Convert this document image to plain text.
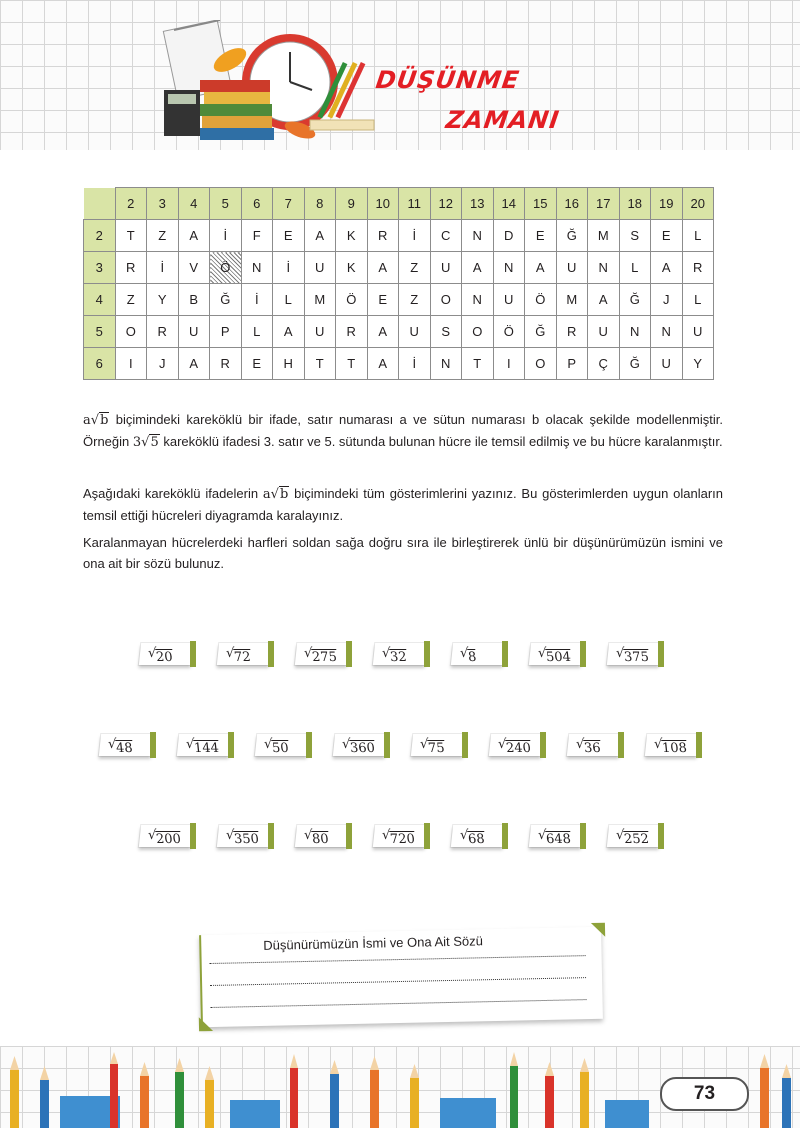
DÜŞÜNME
ZAMANI
	2	3	4	5	6	7	8	9	10	11	12	13	14	15	16	17	18	19	20
2	T	Z	A	İ	F	E	A	K	R	İ	C	N	D	E	Ğ	M	S	E	L
3	R	İ	V	Ö	N	İ	U	K	A	Z	U	A	N	A	U	N	L	A	R
4	Z	Y	B	Ğ	İ	L	M	Ö	E	Z	O	N	U	Ö	M	A	Ğ	J	L
5	O	R	U	P	L	A	U	R	A	U	S	O	Ö	Ğ	R	U	N	N	U
6	I	J	A	R	E	H	T	T	A	İ	N	T	I	O	P	Ç	Ğ	U	Y
a√b biçimindeki kareköklü bir ifade, satır numarası a ve sütun numarası b olacak şekilde modellenmiştir. Örneğin 3√5 kareköklü ifadesi 3. satır ve 5. sütunda bulunan hücre ile temsil edilmiş ve bu hücre karalanmıştır.
Aşağıdaki kareköklü ifadelerin a√b biçimindeki tüm gösterimlerini yazınız. Bu gösterimlerden uygun olanların temsil ettiği hücreleri diyagramda karalayınız.
Karalanmayan hücrelerdeki harfleri soldan sağa doğru sıra ile birleştirerek ünlü bir düşünürümüzün ismini ve ona ait bir sözü bulunuz.
√
20	√
72	√
275	√
32	√
8	√
504	√
375
√
48	√
144	√
50	√
360	√
75	√
240	√
36	√
108
√
200	√
350	√
80	√
720	√
68	√
648	√
252
Düşünürümüzün İsmi ve Ona Ait Sözü
73
